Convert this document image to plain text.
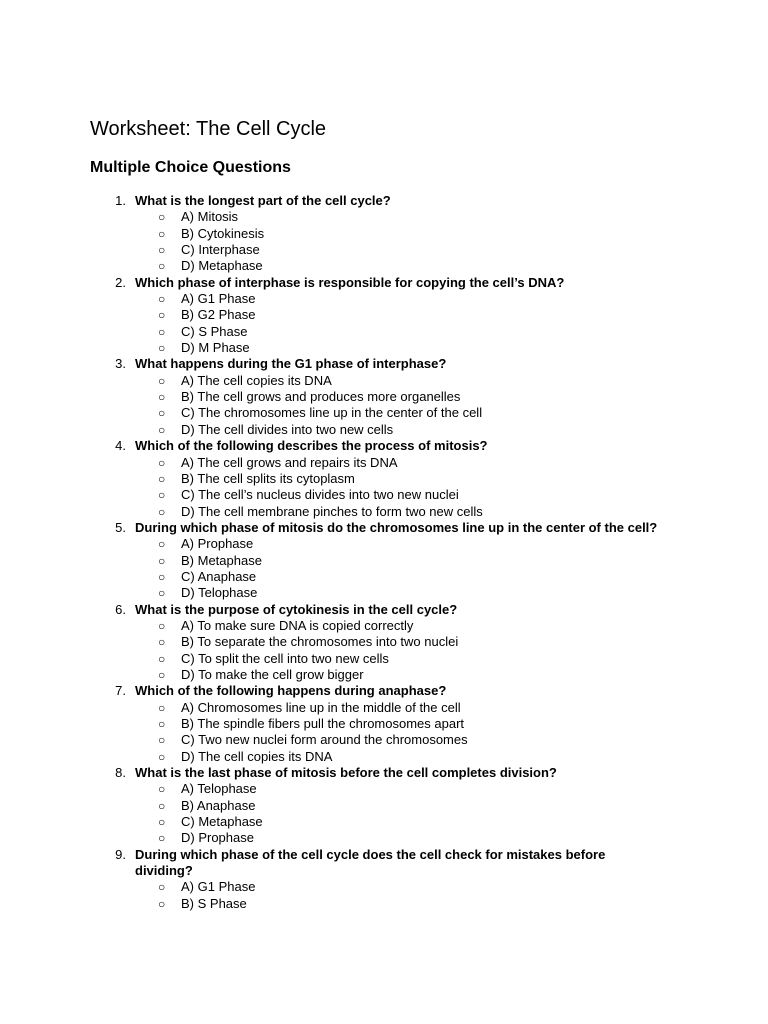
Worksheet: The Cell Cycle
Multiple Choice Questions
1. What is the longest part of the cell cycle?
○ A) Mitosis
○ B) Cytokinesis
○ C) Interphase
○ D) Metaphase
2. Which phase of interphase is responsible for copying the cell’s DNA?
○ A) G1 Phase
○ B) G2 Phase
○ C) S Phase
○ D) M Phase
3. What happens during the G1 phase of interphase?
○ A) The cell copies its DNA
○ B) The cell grows and produces more organelles
○ C) The chromosomes line up in the center of the cell
○ D) The cell divides into two new cells
4. Which of the following describes the process of mitosis?
○ A) The cell grows and repairs its DNA
○ B) The cell splits its cytoplasm
○ C) The cell’s nucleus divides into two new nuclei
○ D) The cell membrane pinches to form two new cells
5. During which phase of mitosis do the chromosomes line up in the center of the cell?
○ A) Prophase
○ B) Metaphase
○ C) Anaphase
○ D) Telophase
6. What is the purpose of cytokinesis in the cell cycle?
○ A) To make sure DNA is copied correctly
○ B) To separate the chromosomes into two nuclei
○ C) To split the cell into two new cells
○ D) To make the cell grow bigger
7. Which of the following happens during anaphase?
○ A) Chromosomes line up in the middle of the cell
○ B) The spindle fibers pull the chromosomes apart
○ C) Two new nuclei form around the chromosomes
○ D) The cell copies its DNA
8. What is the last phase of mitosis before the cell completes division?
○ A) Telophase
○ B) Anaphase
○ C) Metaphase
○ D) Prophase
9. During which phase of the cell cycle does the cell check for mistakes before dividing?
○ A) G1 Phase
○ B) S Phase
